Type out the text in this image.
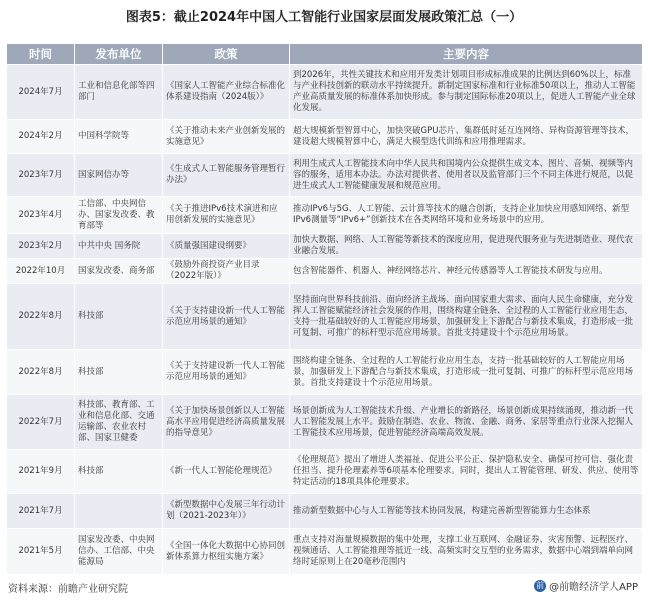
图表5：截止2024年中国人工智能行业国家层面发展政策汇总（一）
时间	发布单位	政策	主要内容
2024年7月	工业和信息化部等四部门	《国家人工智能产业综合标准化体系建设指南（2024版）》	到2026年，共性关键技术和应用开发类计划项目形成标准成果的比例达到60%以上，标准与产业科技创新的联动水平持续提升。新制定国家标准和行业标准50项以上，推动人工智能产业高质量发展的标准体系加快形成。参与制定国际标准20项以上，促进人工智能产业全球化发展。
2024年2月	中国科学院等	《关于推动未来产业创新发展的实施意见》	超大规模新型智算中心，加快突破GPU芯片、集群低时延互连网络、异构资源管理等技术，建设超大规模智算中心，满足大模型迭代训练和应用推理需求。
2023年7月	国家网信办等	《生成式人工智能服务管理暂行办法》	利用生成式人工智能技术向中华人民共和国境内公众提供生成文本、图片、音频、视频等内容的服务，适用本办法。办法对提供者、使用者以及监管部门三个不同主体进行规范，以促进生成式人工智能健康发展和规范应用。
2023年4月	工信部、中央网信办、国家发改委、教育部等	《关于推进IPv6技术演进和应用创新发展的实施意见》	推动IPv6与5G、人工智能、云计算等技术的融合创新，支持企业加快应用感知网络、新型IPv6测量等“IPv6+”创新技术在各类网络环境和业务场景中的应用。
2023年2月	中共中央 国务院	《质量强国建设纲要》	加快大数据、网络、人工智能等新技术的深度应用，促进现代服务业与先进制造业、现代农业融合发展。
2022年10月	国家发改委、商务部	《鼓励外商投资产业目录（2022年版）》	包含智能器件、机器人、神经网络芯片、神经元传感器等人工智能技术研发与应用。
2022年8月	科技部	《关于支持建设新一代人工智能示范应用场景的通知》	坚持面向世界科技前沿、面向经济主战场、面向国家重大需求、面向人民生命健康，充分发挥人工智能赋能经济社会发展的作用，围绕构建全链条、全过程的人工智能行业应用生态，支持一批基础较好的人工智能应用场景，加强研发上下游配合与新技术集成，打造形成一批可复制、可推广的标杆型示范应用场景。首批支持建设十个示范应用场景。
2022年8月	科技部	《关于支持建设新一代人工智能示范应用场景的通知》	围绕构建全链条、全过程的人工智能行业应用生态，支持一批基础较好的人工智能应用场景，加强研发上下游配合与新技术集成，打造形成一批可复制、可推广的标杆型示范应用场景。首批支持建设十个示范应用场景。
2022年7月	科技部、教育部、工业和信息化部、交通运输部、农业农村部、国家卫健委	《关于加快场景创新以人工智能高水平应用促进经济高质量发展的指导意见》	场景创新成为人工智能技术升级、产业增长的新路径，场景创新成果持续涌现，推动新一代人工智能发展上水平。鼓励在制造、农业、物流、金融、商务、家居等重点行业深入挖掘人工智能技术应用场景，促进智能经济高端高效发展。
2021年9月	科技部	《新一代人工智能伦理规范》	《伦理规范》提出了增进人类福祉、促进公平公正、保护隐私安全、确保可控可信、强化责任担当、提升伦理素养等6项基本伦理要求。同时，提出人工智能管理、研发、供应、使用等特定活动的18项具体伦理要求。
2021年7月		《新型数据中心发展三年行动计划（2021-2023年）》	推动新型数据中心与人工智能等技术协同发展，构建完善新型智能算力生态体系
2021年5月	国家发改委、中央网信办、工信部、中央能源局	《全国一体化大数据中心协同创新体系算力枢纽实施方案》	重点支持对海量规模数据的集中处理，支撑工业互联网、金融证券、灾害预警、远程医疗、视频通话、人工智能推理等抵近一线、高频实时交互型的业务需求，数据中心端到端单向网络时延原则上在20毫秒范围内
资料来源：前瞻产业研究院	前 @前瞻经济学人APP
